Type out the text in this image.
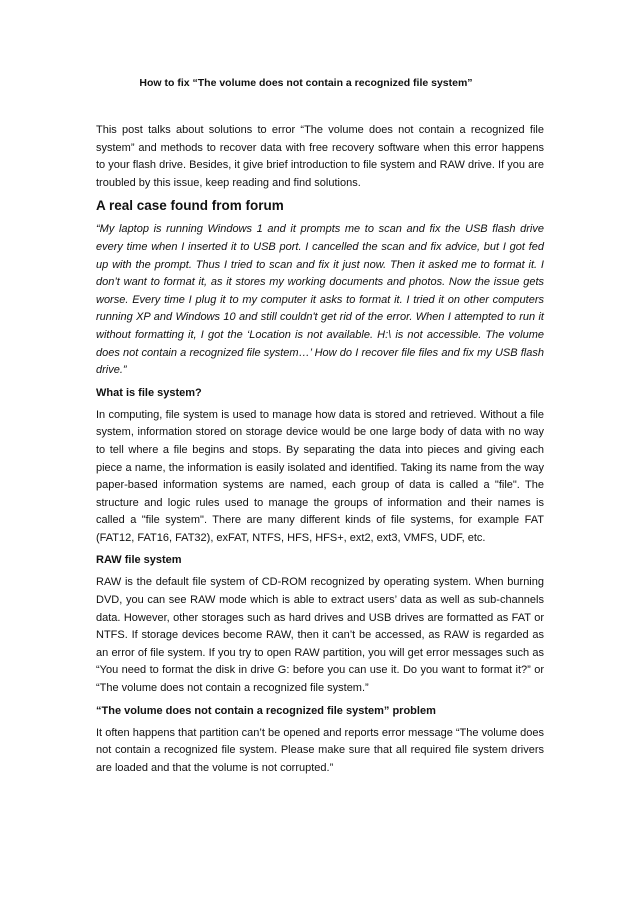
How to fix “The volume does not contain a recognized file system”

This post talks about solutions to error “The volume does not contain a recognized file system” and methods to recover data with free recovery software when this error happens to your flash drive. Besides, it give brief introduction to file system and RAW drive. If you are troubled by this issue, keep reading and find solutions.

A real case found from forum

“My laptop is running Windows 1 and it prompts me to scan and fix the USB flash drive every time when I inserted it to USB port. I cancelled the scan and fix advice, but I got fed up with the prompt. Thus I tried to scan and fix it just now. Then it asked me to format it. I don’t want to format it, as it stores my working documents and photos. Now the issue gets worse. Every time I plug it to my computer it asks to format it. I tried it on other computers running XP and Windows 10 and still couldn't get rid of the error. When I attempted to run it without formatting it, I got the ‘Location is not available. H:\ is not accessible. The volume does not contain a recognized file system…’ How do I recover file files and fix my USB flash drive.”

What is file system?

In computing, file system is used to manage how data is stored and retrieved. Without a file system, information stored on storage device would be one large body of data with no way to tell where a file begins and stops. By separating the data into pieces and giving each piece a name, the information is easily isolated and identified. Taking its name from the way paper-based information systems are named, each group of data is called a "file". The structure and logic rules used to manage the groups of information and their names is called a "file system". There are many different kinds of file systems, for example FAT (FAT12, FAT16, FAT32), exFAT, NTFS, HFS, HFS+, ext2, ext3, VMFS, UDF, etc.

RAW file system

RAW is the default file system of CD-ROM recognized by operating system. When burning DVD, you can see RAW mode which is able to extract users’ data as well as sub-channels data. However, other storages such as hard drives and USB drives are formatted as FAT or NTFS. If storage devices become RAW, then it can’t be accessed, as RAW is regarded as an error of file system. If you try to open RAW partition, you will get error messages such as “You need to format the disk in drive G: before you can use it. Do you want to format it?” or “The volume does not contain a recognized file system.”

“The volume does not contain a recognized file system” problem

It often happens that partition can’t be opened and reports error message “The volume does not contain a recognized file system. Please make sure that all required file system drivers are loaded and that the volume is not corrupted.”
